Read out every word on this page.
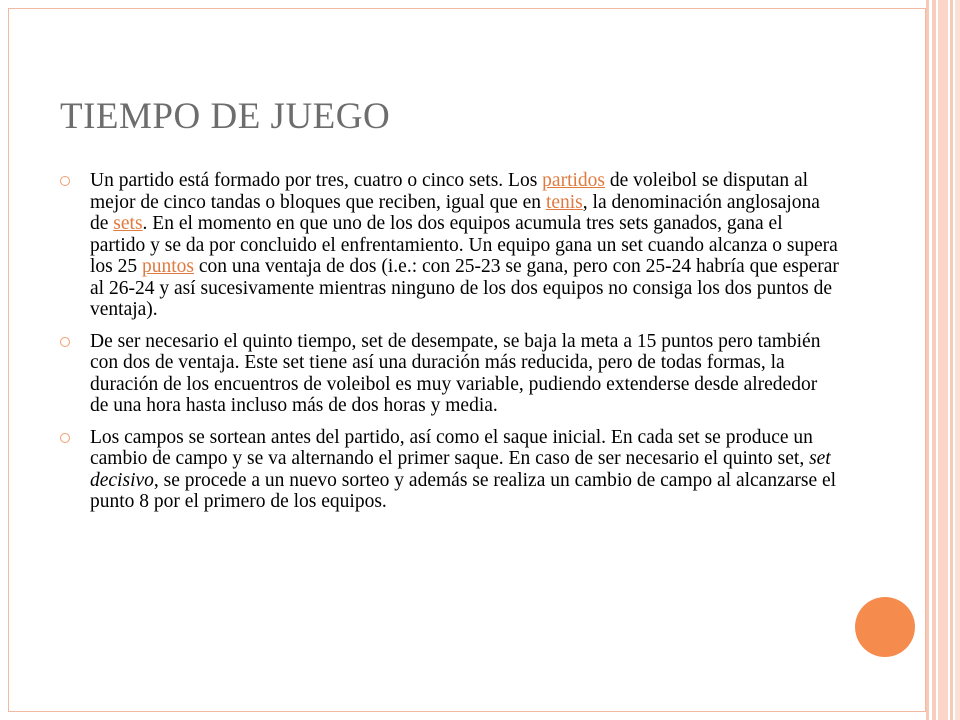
TIEMPO DE JUEGO
Un partido está formado por tres, cuatro o cinco sets. Los partidos de voleibol se disputan al mejor de cinco tandas o bloques que reciben, igual que en tenis, la denominación anglosajona de sets. En el momento en que uno de los dos equipos acumula tres sets ganados, gana el partido y se da por concluido el enfrentamiento. Un equipo gana un set cuando alcanza o supera los 25 puntos con una ventaja de dos (i.e.: con 25-23 se gana, pero con 25-24 habría que esperar al 26-24 y así sucesivamente mientras ninguno de los dos equipos no consiga los dos puntos de ventaja).
De ser necesario el quinto tiempo, set de desempate, se baja la meta a 15 puntos pero también con dos de ventaja. Este set tiene así una duración más reducida, pero de todas formas, la duración de los encuentros de voleibol es muy variable, pudiendo extenderse desde alrededor de una hora hasta incluso más de dos horas y media.
Los campos se sortean antes del partido, así como el saque inicial. En cada set se produce un cambio de campo y se va alternando el primer saque. En caso de ser necesario el quinto set, set decisivo, se procede a un nuevo sorteo y además se realiza un cambio de campo al alcanzarse el punto 8 por el primero de los equipos.
